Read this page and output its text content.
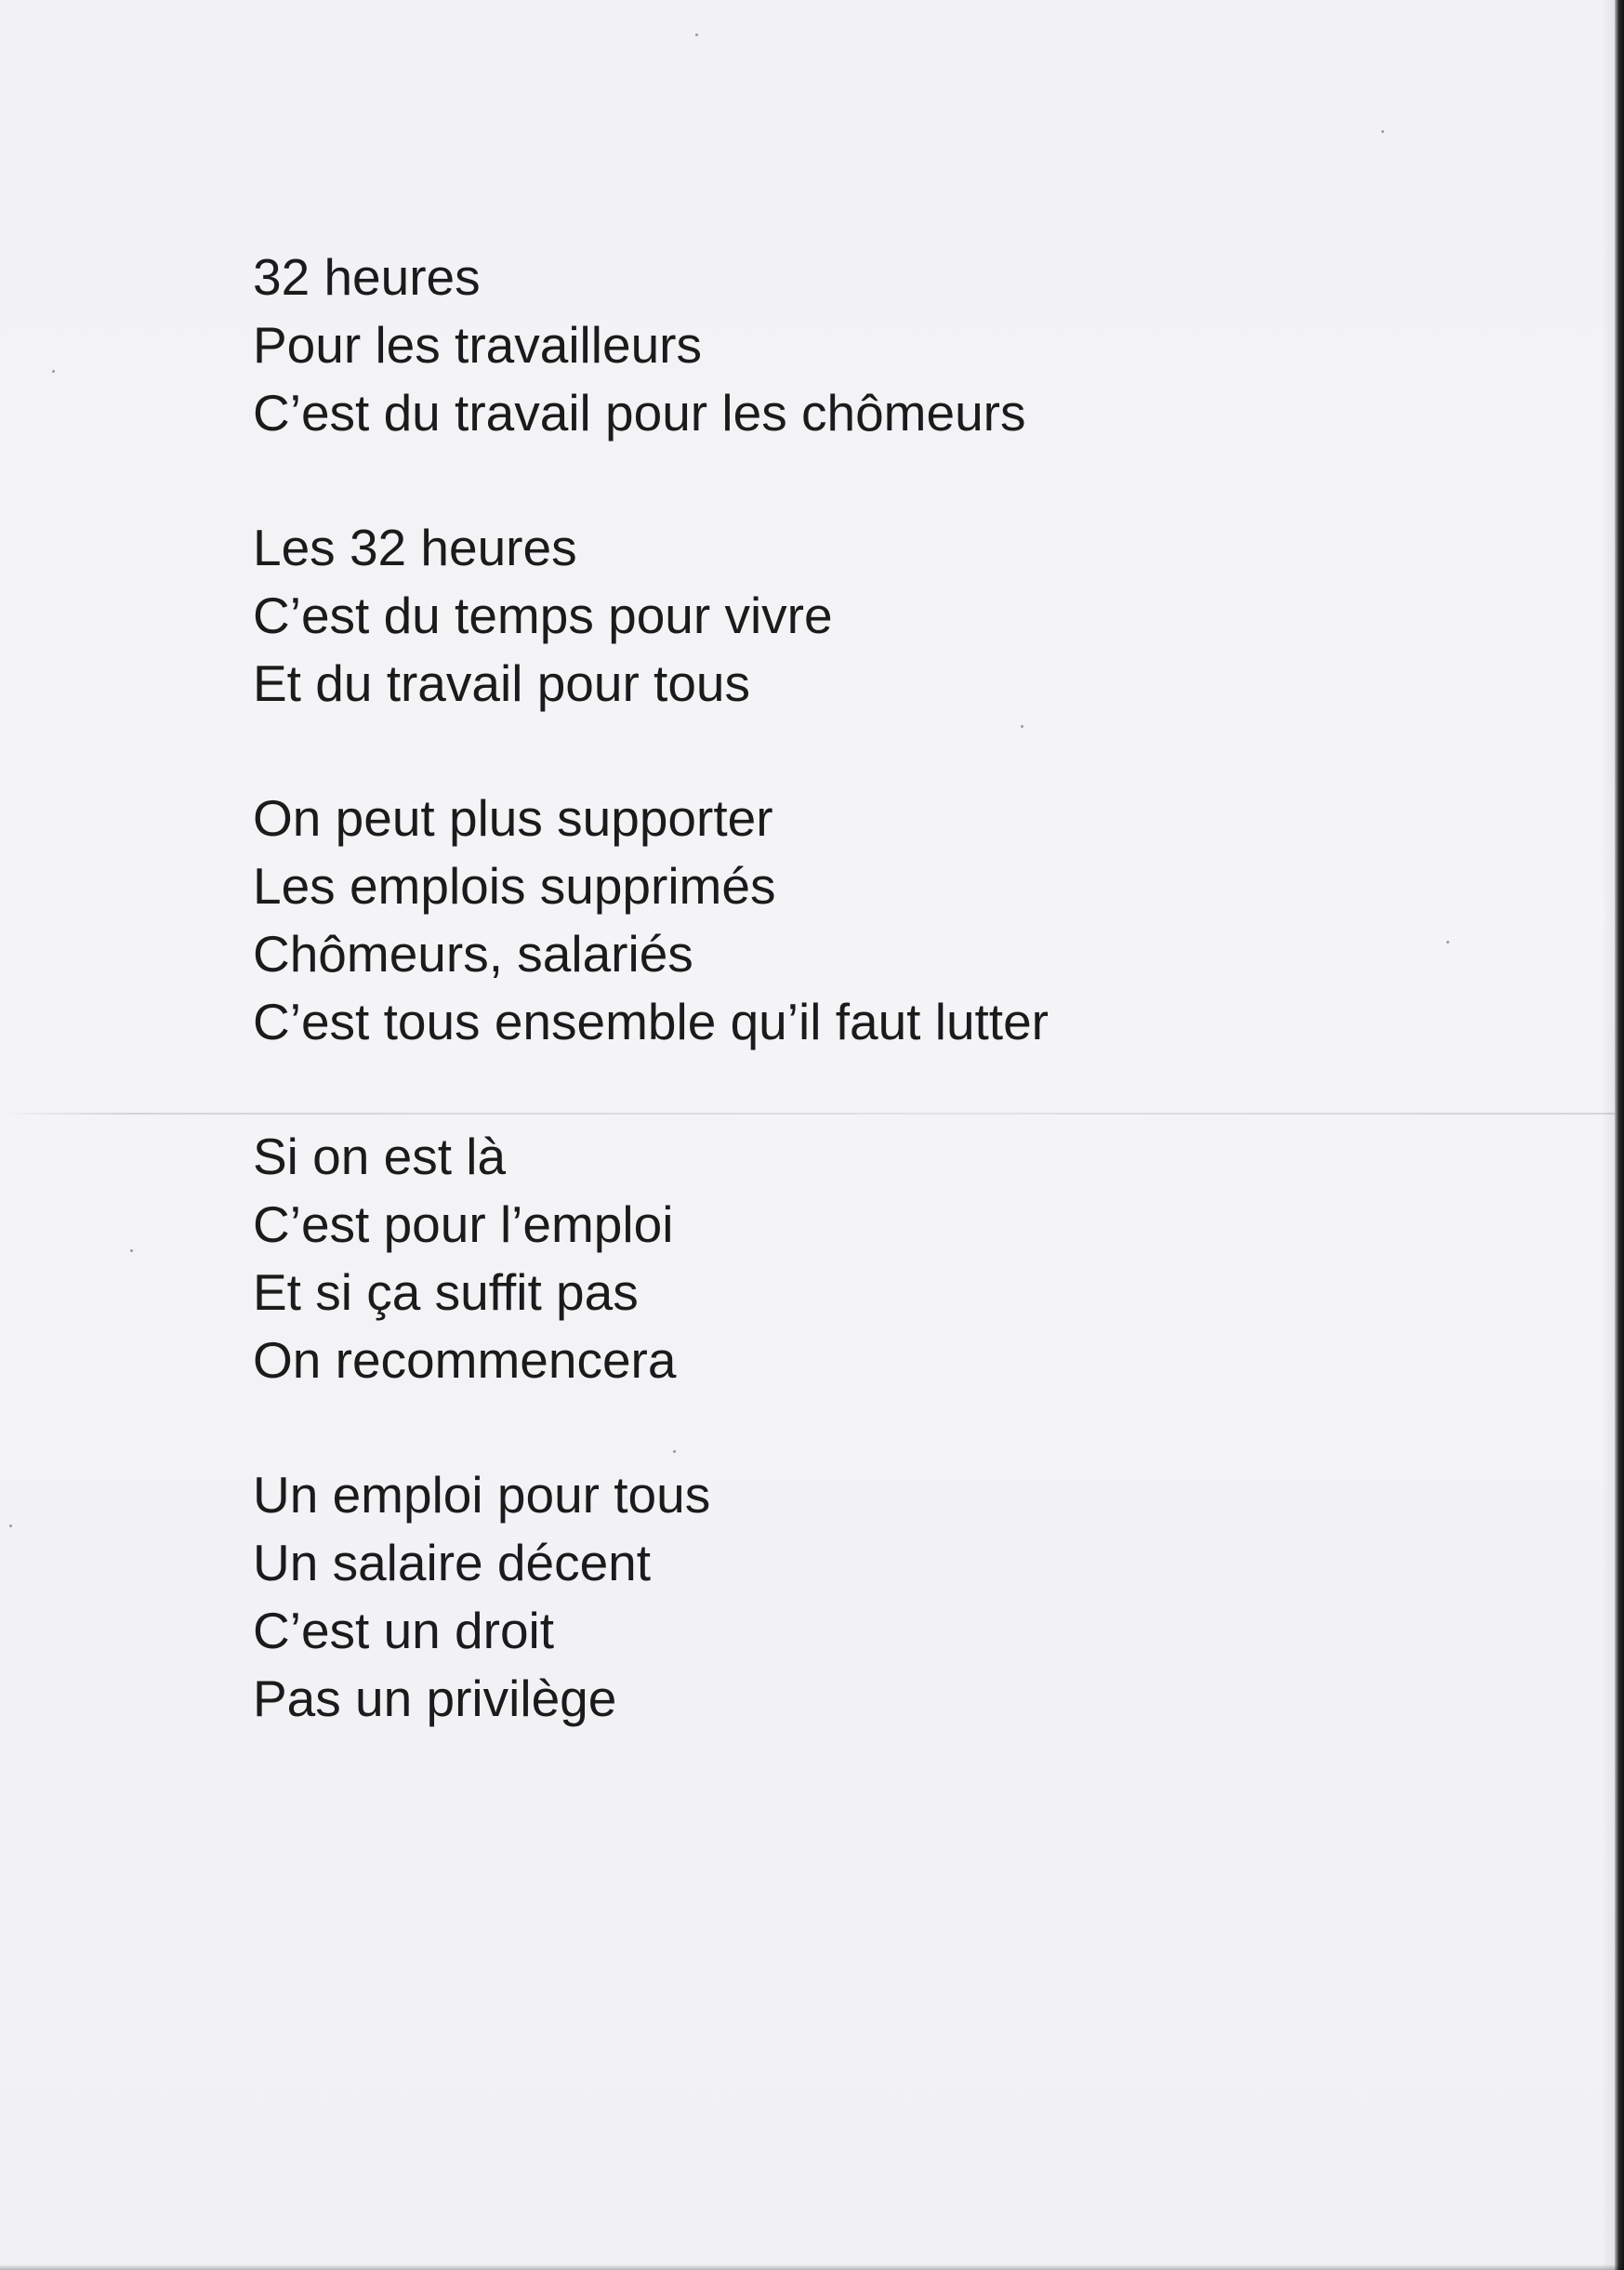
32 heures
Pour les travailleurs
C’est du travail pour les chômeurs
Les 32 heures
C’est du temps pour vivre
Et du travail pour tous
On peut plus supporter
Les emplois supprimés
Chômeurs, salariés
C’est tous ensemble qu’il faut lutter
Si on est là
C’est pour l’emploi
Et si ça suffit pas
On recommencera
Un emploi pour tous
Un salaire décent
C’est un droit
Pas un privilège
